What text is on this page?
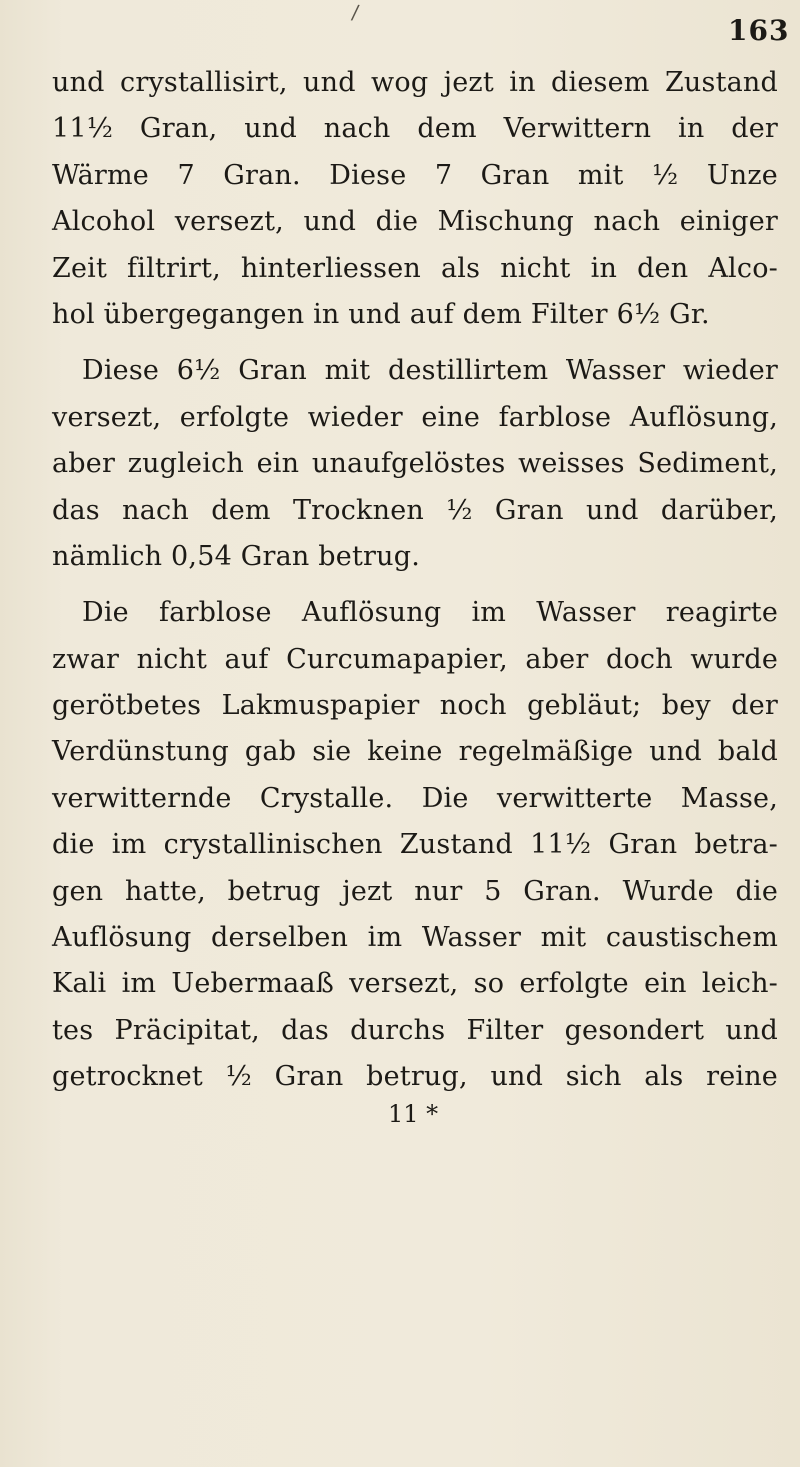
/
163
und crystallisirt, und wog jezt in diesem Zustand
11½ Gran, und nach dem Verwittern in der
Wärme 7 Gran. Diese 7 Gran mit ½ Unze
Alcohol versezt, und die Mischung nach einiger
Zeit filtrirt, hinterliessen als nicht in den Alco-
hol übergegangen in und auf dem Filter 6½ Gr.
Diese 6½ Gran mit destillirtem Wasser wieder
versezt, erfolgte wieder eine farblose Auflösung,
aber zugleich ein unaufgelöstes weisses Sediment,
das nach dem Trocknen ½ Gran und darüber,
nämlich 0,54 Gran betrug.
Die farblose Auflösung im Wasser reagirte
zwar nicht auf Curcumapapier, aber doch wurde
gerötbetes Lakmuspapier noch gebläut; bey der
Verdünstung gab sie keine regelmäßige und bald
verwitternde Crystalle. Die verwitterte Masse,
die im crystallinischen Zustand 11½ Gran betra-
gen hatte, betrug jezt nur 5 Gran. Wurde die
Auflösung derselben im Wasser mit caustischem
Kali im Uebermaaß versezt, so erfolgte ein leich-
tes Präcipitat, das durchs Filter gesondert und
getrocknet ½ Gran betrug, und sich als reine
11 *
